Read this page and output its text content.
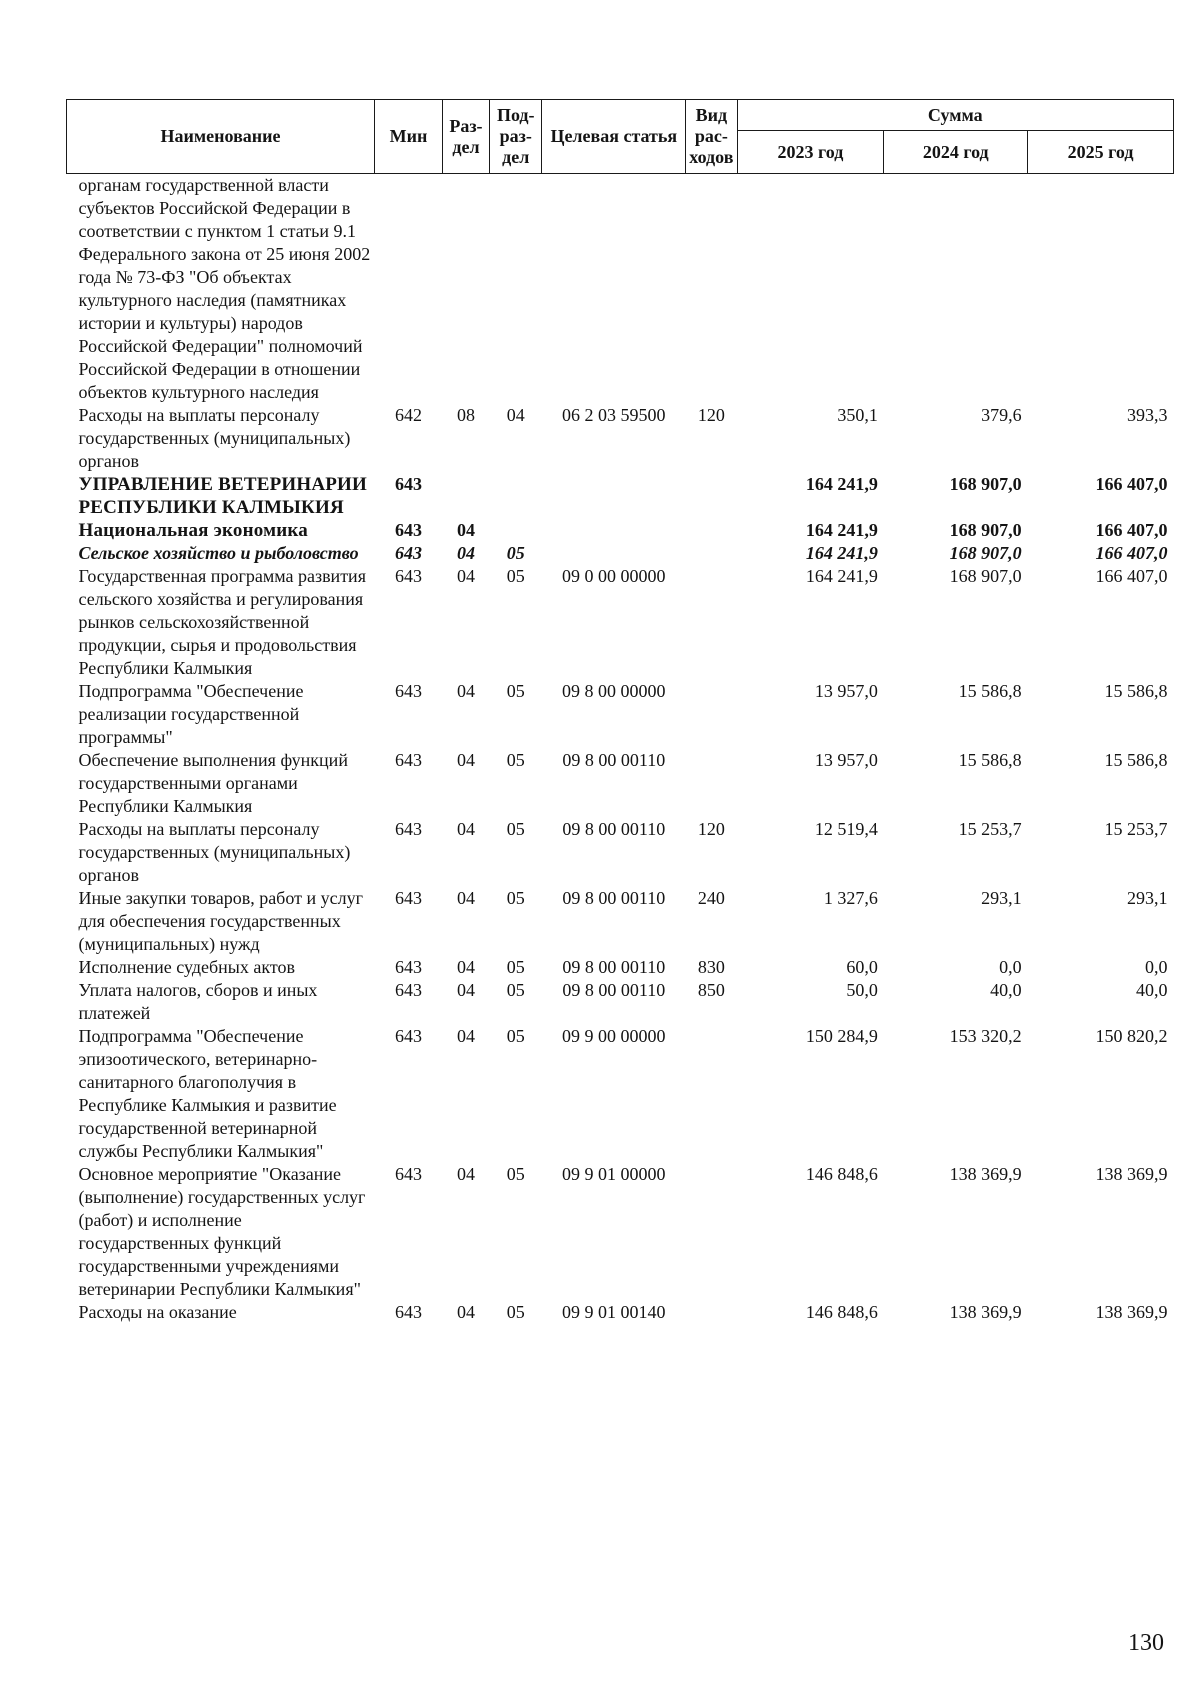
Наименование	Мин	Раз-дел	Под-раз-дел	Целевая статья	Вид рас-ходов	Сумма		
						2023 год	2024 год	2025 год
органам государственной власти субъектов Российской Федерации в соответствии с пунктом 1 статьи 9.1 Федерального закона от 25 июня 2002 года № 73-ФЗ "Об объектах культурного наследия (памятниках истории и культуры) народов Российской Федерации" полномочий Российской Федерации в отношении объектов культурного наследия								
Расходы на выплаты персоналу государственных (муниципальных) органов	642	08	04	06 2 03 59500	120	350,1	379,6	393,3
УПРАВЛЕНИЕ ВЕТЕРИНАРИИ РЕСПУБЛИКИ КАЛМЫКИЯ	643					164 241,9	168 907,0	166 407,0
Национальная экономика	643	04				164 241,9	168 907,0	166 407,0
Сельское хозяйство и рыболовство	643	04	05			164 241,9	168 907,0	166 407,0
Государственная программа развития сельского хозяйства и регулирования рынков сельскохозяйственной продукции, сырья и продовольствия Республики Калмыкия	643	04	05	09 0 00 00000		164 241,9	168 907,0	166 407,0
Подпрограмма "Обеспечение реализации государственной программы"	643	04	05	09 8 00 00000		13 957,0	15 586,8	15 586,8
Обеспечение выполнения функций государственными органами Республики Калмыкия	643	04	05	09 8 00 00110		13 957,0	15 586,8	15 586,8
Расходы на выплаты персоналу государственных (муниципальных) органов	643	04	05	09 8 00 00110	120	12 519,4	15 253,7	15 253,7
Иные закупки товаров, работ и услуг для обеспечения государственных (муниципальных) нужд	643	04	05	09 8 00 00110	240	1 327,6	293,1	293,1
Исполнение судебных актов	643	04	05	09 8 00 00110	830	60,0	0,0	0,0
Уплата налогов, сборов и иных платежей	643	04	05	09 8 00 00110	850	50,0	40,0	40,0
Подпрограмма "Обеспечение эпизоотического, ветеринарно-санитарного благополучия в Республике Калмыкия и развитие государственной ветеринарной службы Республики Калмыкия"	643	04	05	09 9 00 00000		150 284,9	153 320,2	150 820,2
Основное мероприятие "Оказание (выполнение) государственных услуг (работ) и исполнение государственных функций государственными учреждениями ветеринарии Республики Калмыкия"	643	04	05	09 9 01 00000		146 848,6	138 369,9	138 369,9
Расходы на оказание	643	04	05	09 9 01 00140		146 848,6	138 369,9	138 369,9
130
